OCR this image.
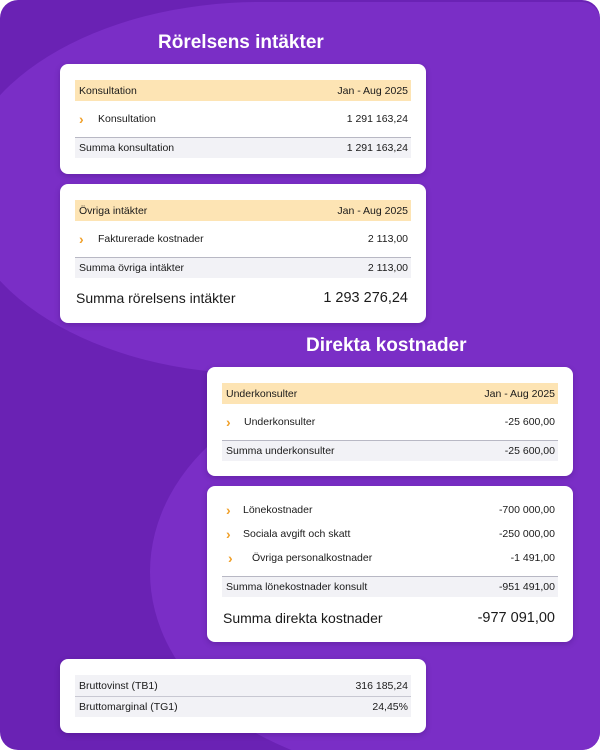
Rörelsens intäkter
Konsultation	Jan - Aug 2025
›	Konsultation	1 291 163,24
Summa konsultation	1 291 163,24
Övriga intäkter	Jan - Aug 2025
›	Fakturerade kostnader	2 113,00
Summa övriga intäkter	2 113,00
Summa rörelsens intäkter	1 293 276,24
Direkta kostnader
Underkonsulter	Jan - Aug 2025
›	Underkonsulter	-25 600,00
Summa underkonsulter	-25 600,00
›	Lönekostnader	-700 000,00
›	Sociala avgift och skatt	-250 000,00
›	Övriga personalkostnader	-1 491,00
Summa lönekostnader konsult	-951 491,00
Summa direkta kostnader	-977 091,00
Bruttovinst (TB1)	316 185,24
Bruttomarginal (TG1)	24,45%
